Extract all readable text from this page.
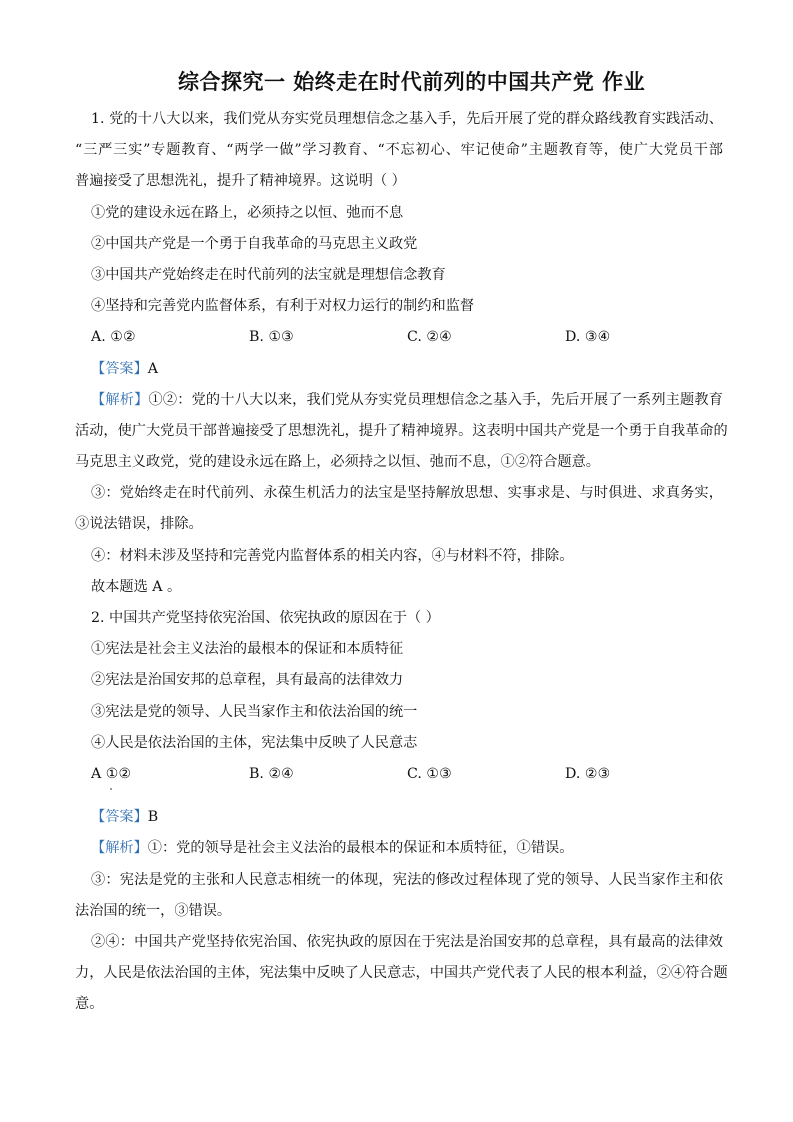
综合探究一 始终走在时代前列的中国共产党 作业
1. 党的十八大以来，我们党从夯实党员理想信念之基入手，先后开展了党的群众路线教育实践活动、
“三严三实”专题教育、“两学一做”学习教育、“不忘初心、牢记使命”主题教育等，使广大党员干部
普遍接受了思想洗礼，提升了精神境界。这说明（ ）
①党的建设永远在路上，必须持之以恒、弛而不息
②中国共产党是一个勇于自我革命的马克思主义政党
③中国共产党始终走在时代前列的法宝就是理想信念教育
④坚持和完善党内监督体系，有利于对权力运行的制约和监督
A. ①②	B. ①③	C. ②④	D. ③④
【答案】A
【解析】①②：党的十八大以来，我们党从夯实党员理想信念之基入手，先后开展了一系列主题教育
活动，使广大党员干部普遍接受了思想洗礼，提升了精神境界。这表明中国共产党是一个勇于自我革命的
马克思主义政党，党的建设永远在路上，必须持之以恒、弛而不息，①②符合题意。
③：党始终走在时代前列、永葆生机活力的法宝是坚持解放思想、实事求是、与时俱进、求真务实，
③说法错误，排除。
④：材料未涉及坚持和完善党内监督体系的相关内容，④与材料不符，排除。
故本题选 A 。
2. 中国共产党坚持依宪治国、依宪执政的原因在于（ ）
①宪法是社会主义法治的最根本的保证和本质特征
②宪法是治国安邦的总章程，具有最高的法律效力
③宪法是党的领导、人民当家作主和依法治国的统一
④人民是依法治国的主体，宪法集中反映了人民意志
A ①②	B. ②④	C. ①③	D. ②③
【答案】B
【解析】①：党的领导是社会主义法治的最根本的保证和本质特征，①错误。
③：宪法是党的主张和人民意志相统一的体现，宪法的修改过程体现了党的领导、人民当家作主和依
法治国的统一，③错误。
②④：中国共产党坚持依宪治国、依宪执政的原因在于宪法是治国安邦的总章程，具有最高的法律效
力，人民是依法治国的主体，宪法集中反映了人民意志，中国共产党代表了人民的根本利益，②④符合题
意。
